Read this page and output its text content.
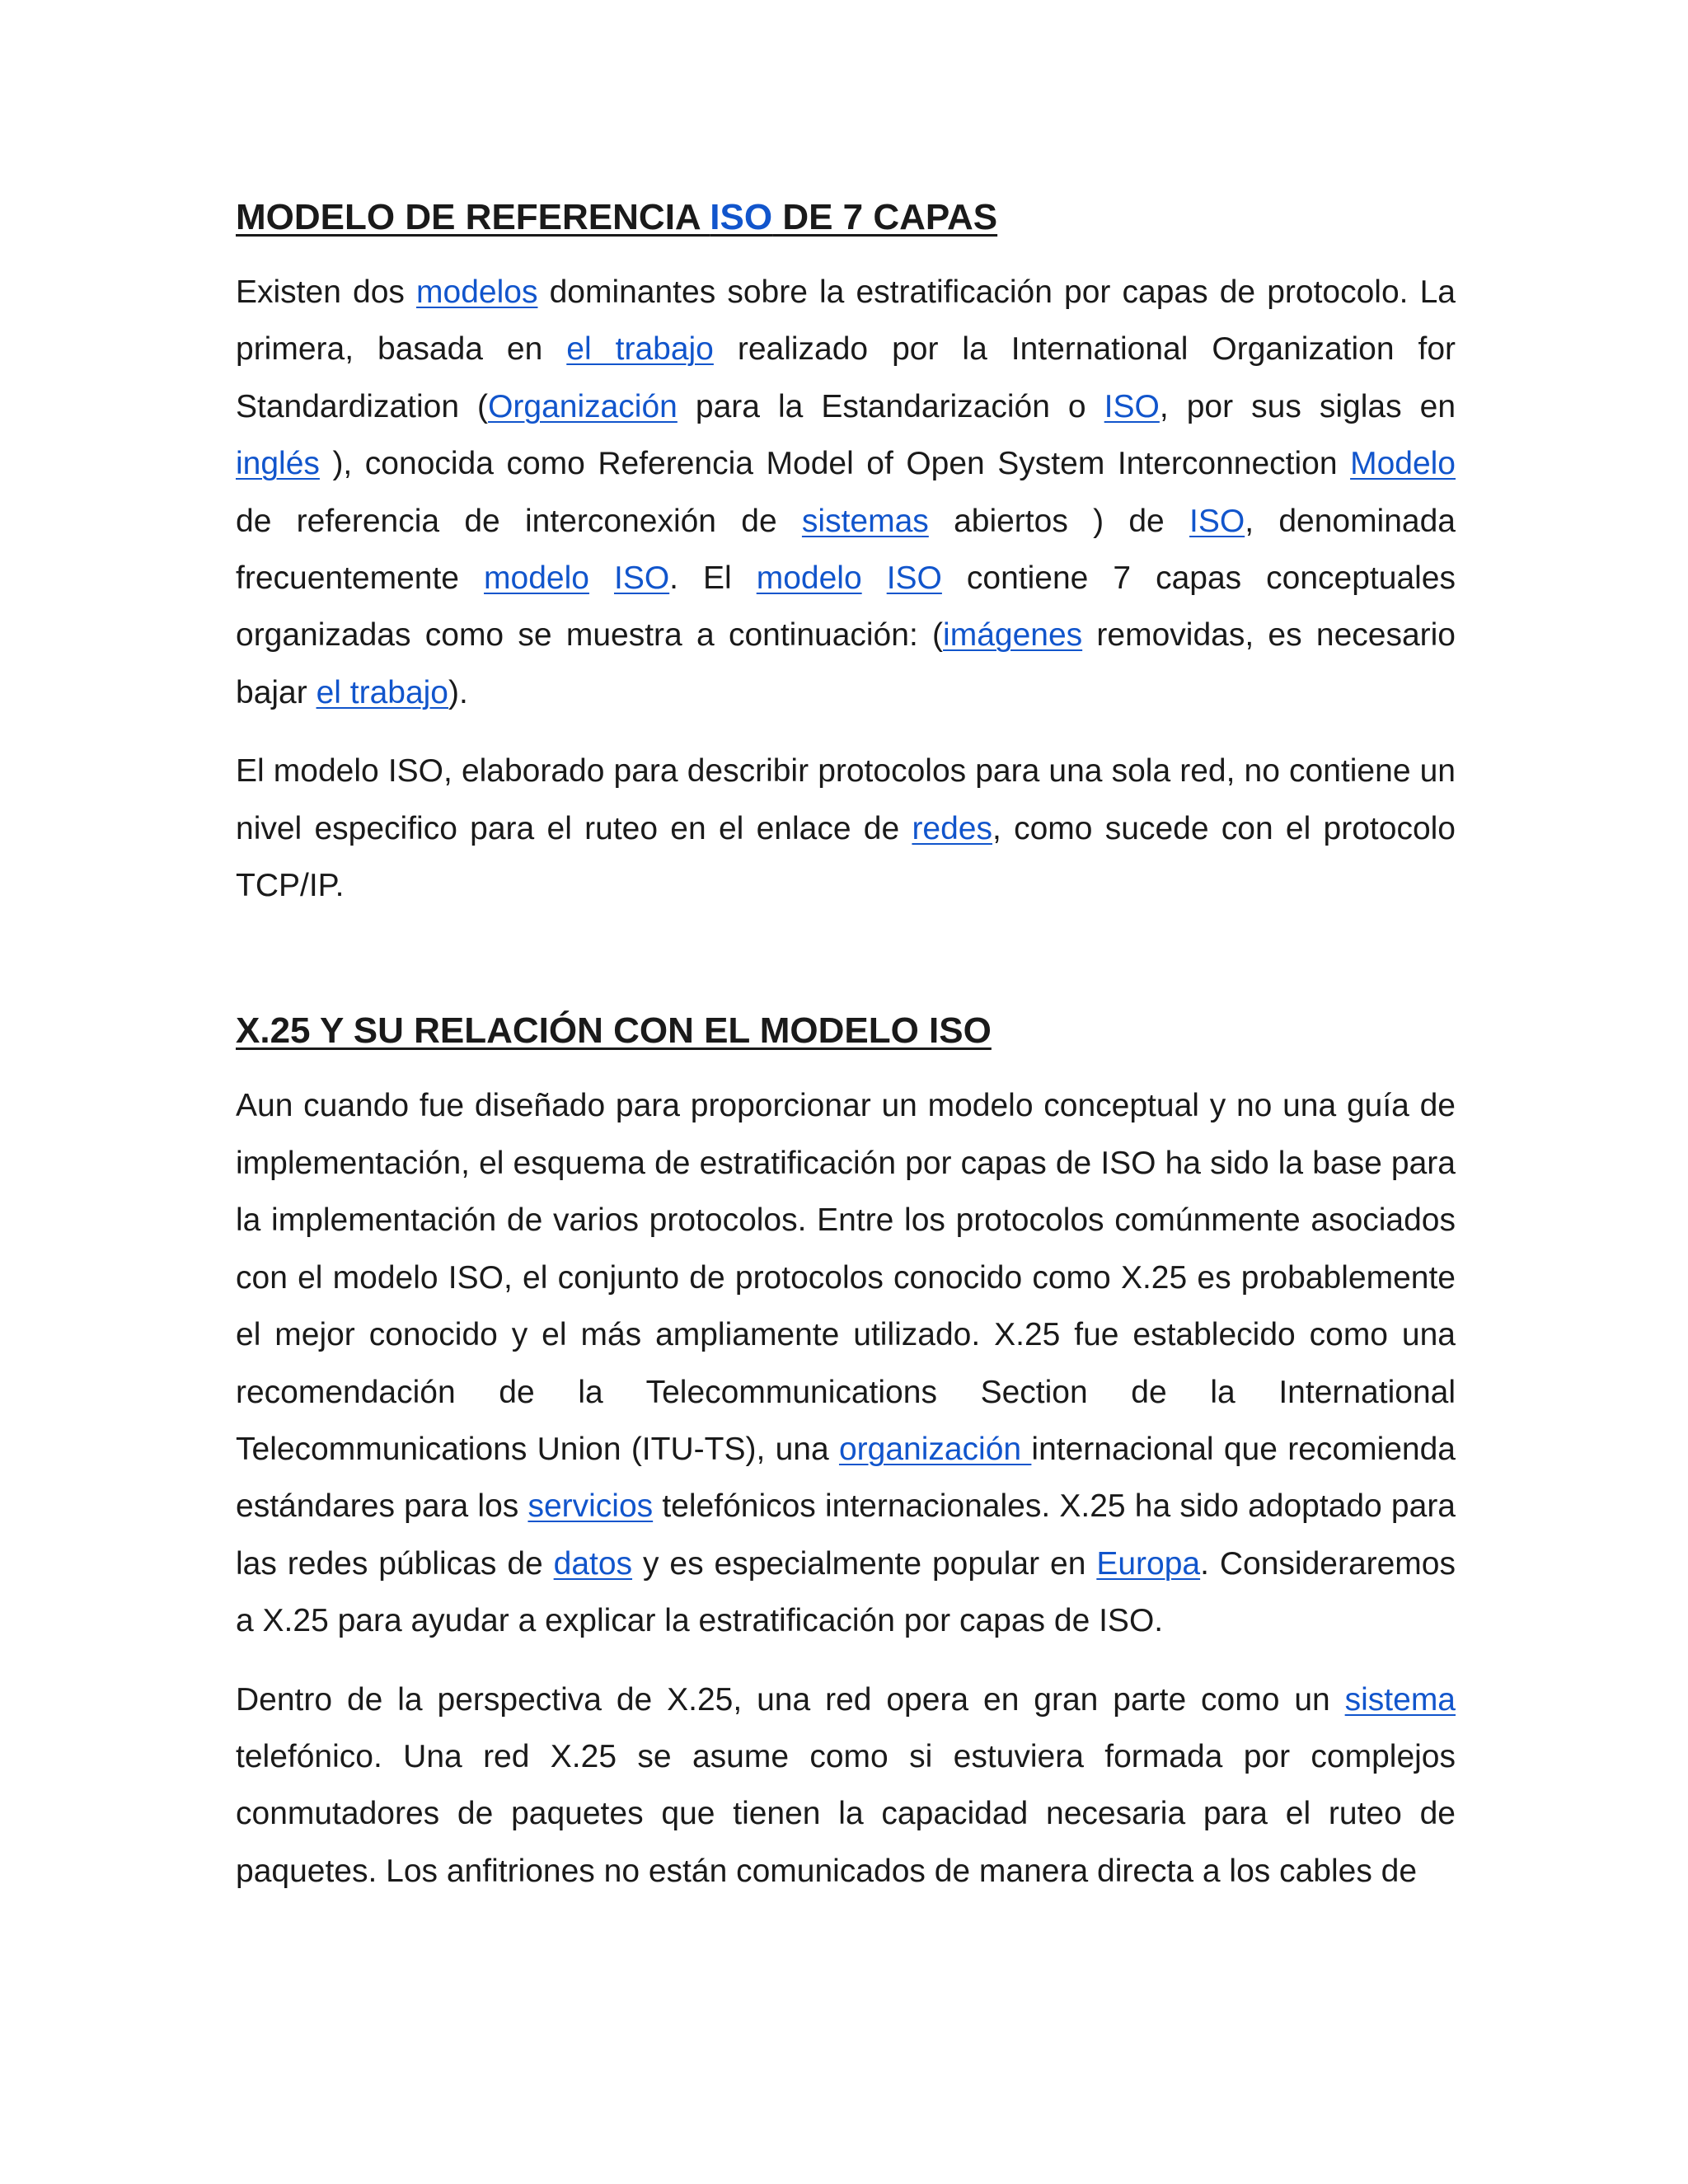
MODELO DE REFERENCIA ISO DE 7 CAPAS

Existen dos modelos dominantes sobre la estratificación por capas de protocolo. La primera, basada en el trabajo realizado por la International Organization for Standardization (Organización para la Estandarización o ISO, por sus siglas en inglés ), conocida como Referencia Model of Open System Interconnection Modelo de referencia de interconexión de sistemas abiertos ) de ISO, denominada frecuentemente modelo ISO. El modelo ISO contiene 7 capas conceptuales organizadas como se muestra a continuación: (imágenes removidas, es necesario bajar el trabajo).

El modelo ISO, elaborado para describir protocolos para una sola red, no contiene un nivel especifico para el ruteo en el enlace de redes, como sucede con el protocolo TCP/IP.

X.25 Y SU RELACIÓN CON EL MODELO ISO

Aun cuando fue diseñado para proporcionar un modelo conceptual y no una guía de implementación, el esquema de estratificación por capas de ISO ha sido la base para la implementación de varios protocolos. Entre los protocolos comúnmente asociados con el modelo ISO, el conjunto de protocolos conocido como X.25 es probablemente el mejor conocido y el más ampliamente utilizado. X.25 fue establecido como una recomendación de la Telecommunications Section de la International Telecommunications Union (ITU-TS), una organización internacional que recomienda estándares para los servicios telefónicos internacionales. X.25 ha sido adoptado para las redes públicas de datos y es especialmente popular en Europa. Consideraremos a X.25 para ayudar a explicar la estratificación por capas de ISO.

Dentro de la perspectiva de X.25, una red opera en gran parte como un sistema telefónico. Una red X.25 se asume como si estuviera formada por complejos conmutadores de paquetes que tienen la capacidad necesaria para el ruteo de paquetes. Los anfitriones no están comunicados de manera directa a los cables de
